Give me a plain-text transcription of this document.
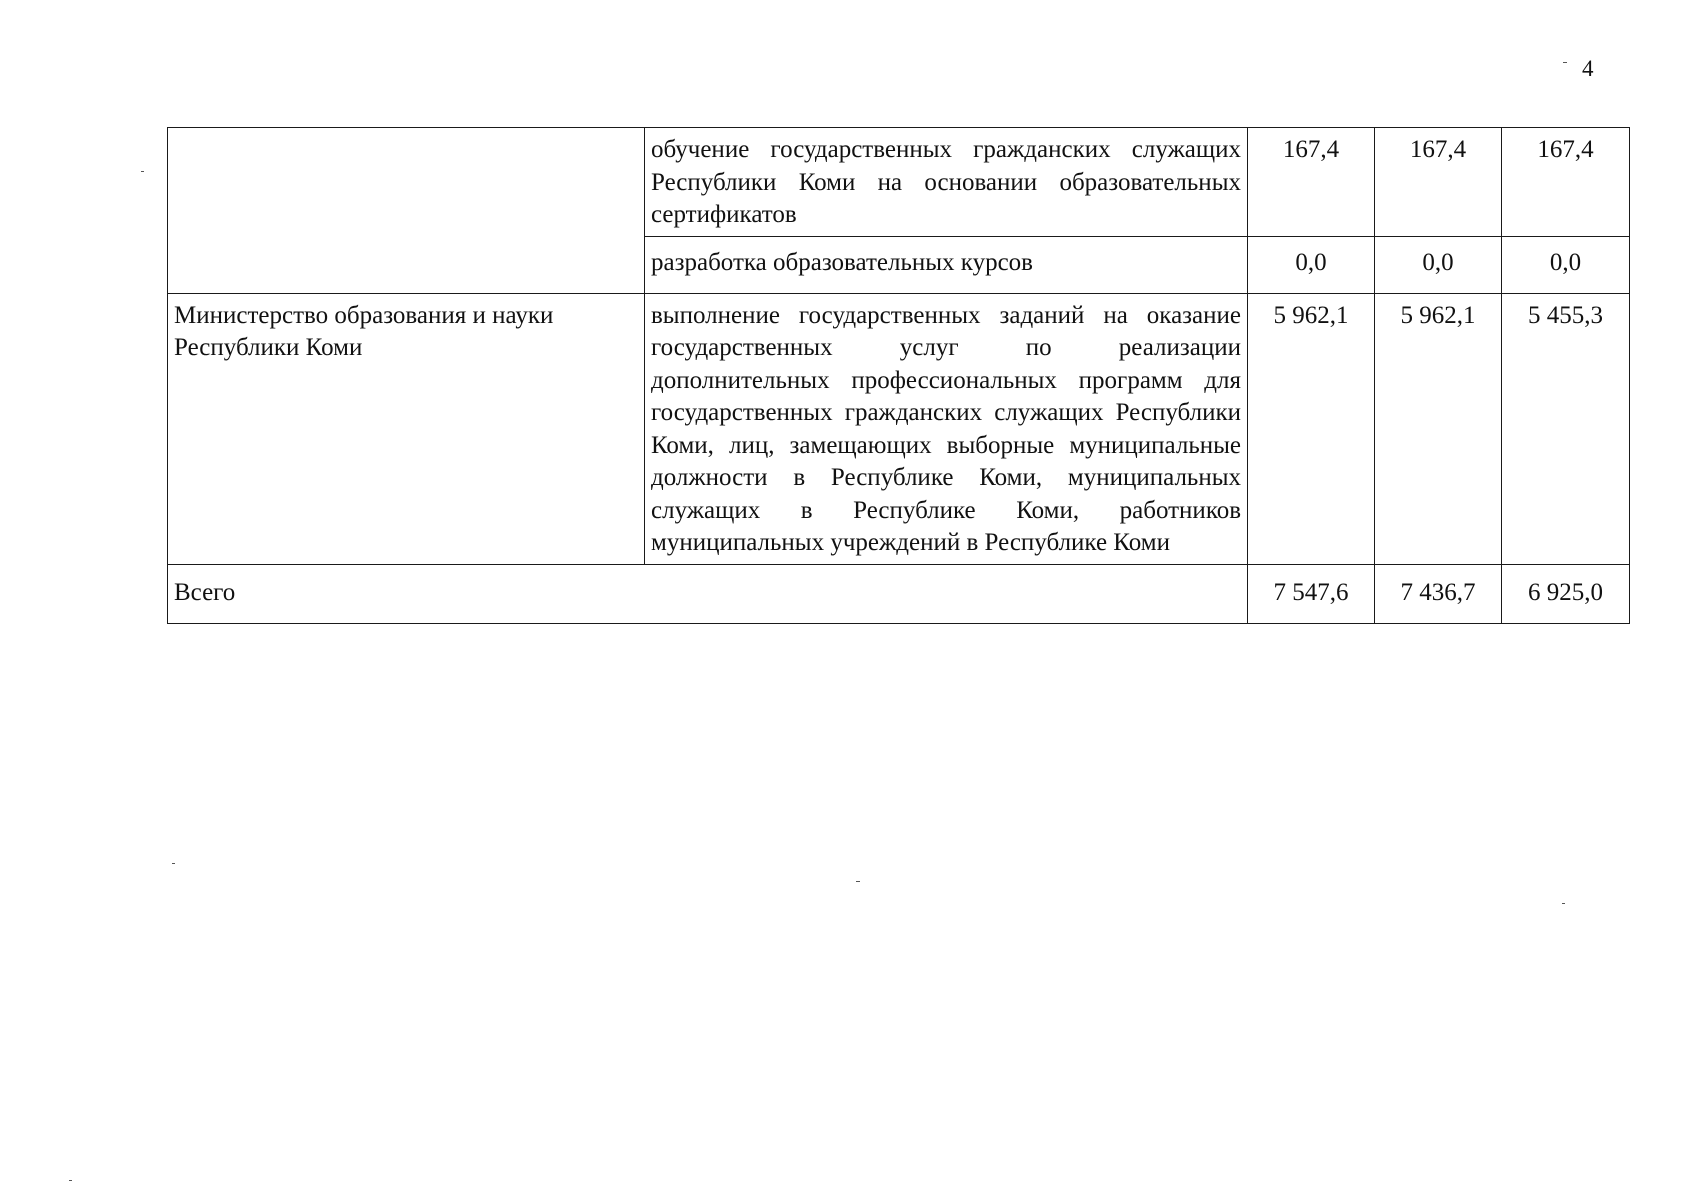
4
	обучение государственных гражданских служащих Республики Коми на основании образовательных сертификатов	167,4	167,4	167,4
	разработка образовательных курсов	0,0	0,0	0,0
Министерство образования и науки Республики Коми	выполнение государственных заданий на оказание государственных услуг по реализации дополнительных профессиональных программ для государственных гражданских служащих Республики Коми, лиц, замещающих выборные муниципальные должности в Республике Коми, муниципальных служащих в Республике Коми, работников муниципальных учреждений в Республике Коми	5 962,1	5 962,1	5 455,3
Всего		7 547,6	7 436,7	6 925,0
